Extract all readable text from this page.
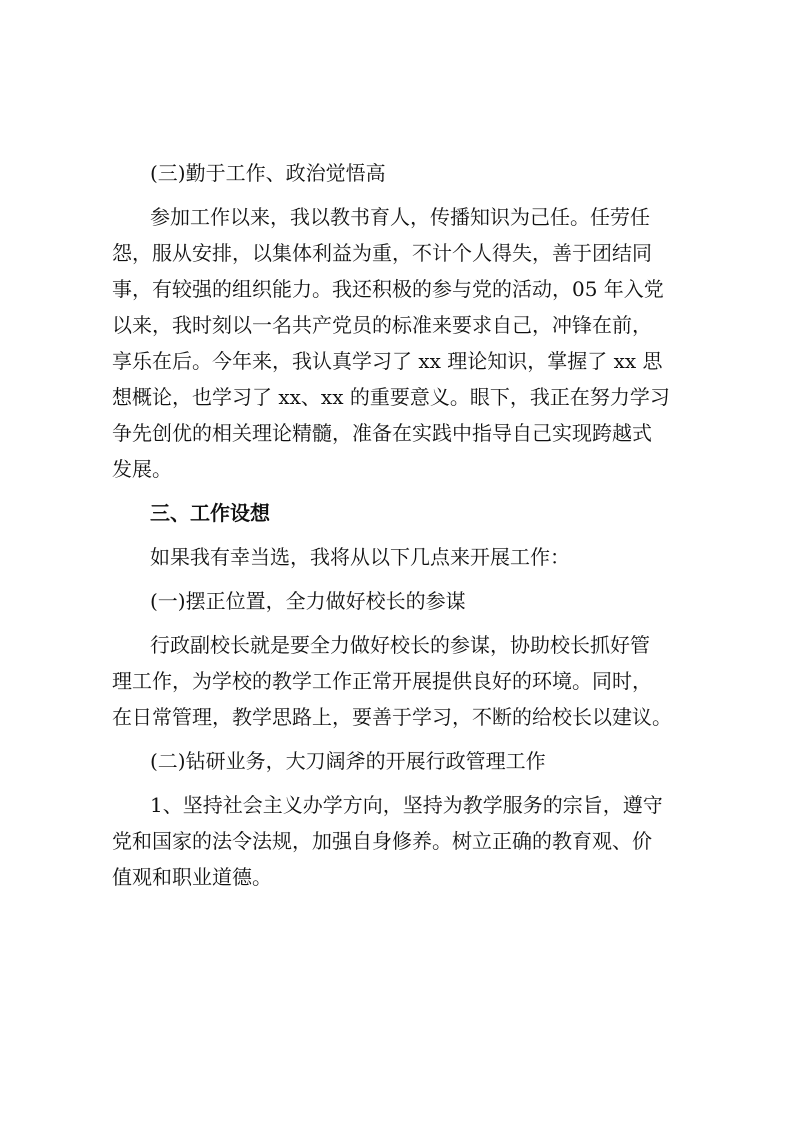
(三)勤于工作、政治觉悟高
参加工作以来，我以教书育人，传播知识为己任。任劳任
怨，服从安排，以集体利益为重，不计个人得失，善于团结同
事，有较强的组织能力。我还积极的参与党的活动，05 年入党
以来，我时刻以一名共产党员的标准来要求自己，冲锋在前，
享乐在后。今年来，我认真学习了 xx 理论知识，掌握了 xx 思
想概论，也学习了 xx、xx 的重要意义。眼下，我正在努力学习
争先创优的相关理论精髓，准备在实践中指导自己实现跨越式
发展。
三、工作设想
如果我有幸当选，我将从以下几点来开展工作：
(一)摆正位置，全力做好校长的参谋
行政副校长就是要全力做好校长的参谋，协助校长抓好管
理工作，为学校的教学工作正常开展提供良好的环境。同时，
在日常管理，教学思路上，要善于学习，不断的给校长以建议。
(二)钻研业务，大刀阔斧的开展行政管理工作
1、坚持社会主义办学方向，坚持为教学服务的宗旨，遵守
党和国家的法令法规，加强自身修养。树立正确的教育观、价
值观和职业道德。
